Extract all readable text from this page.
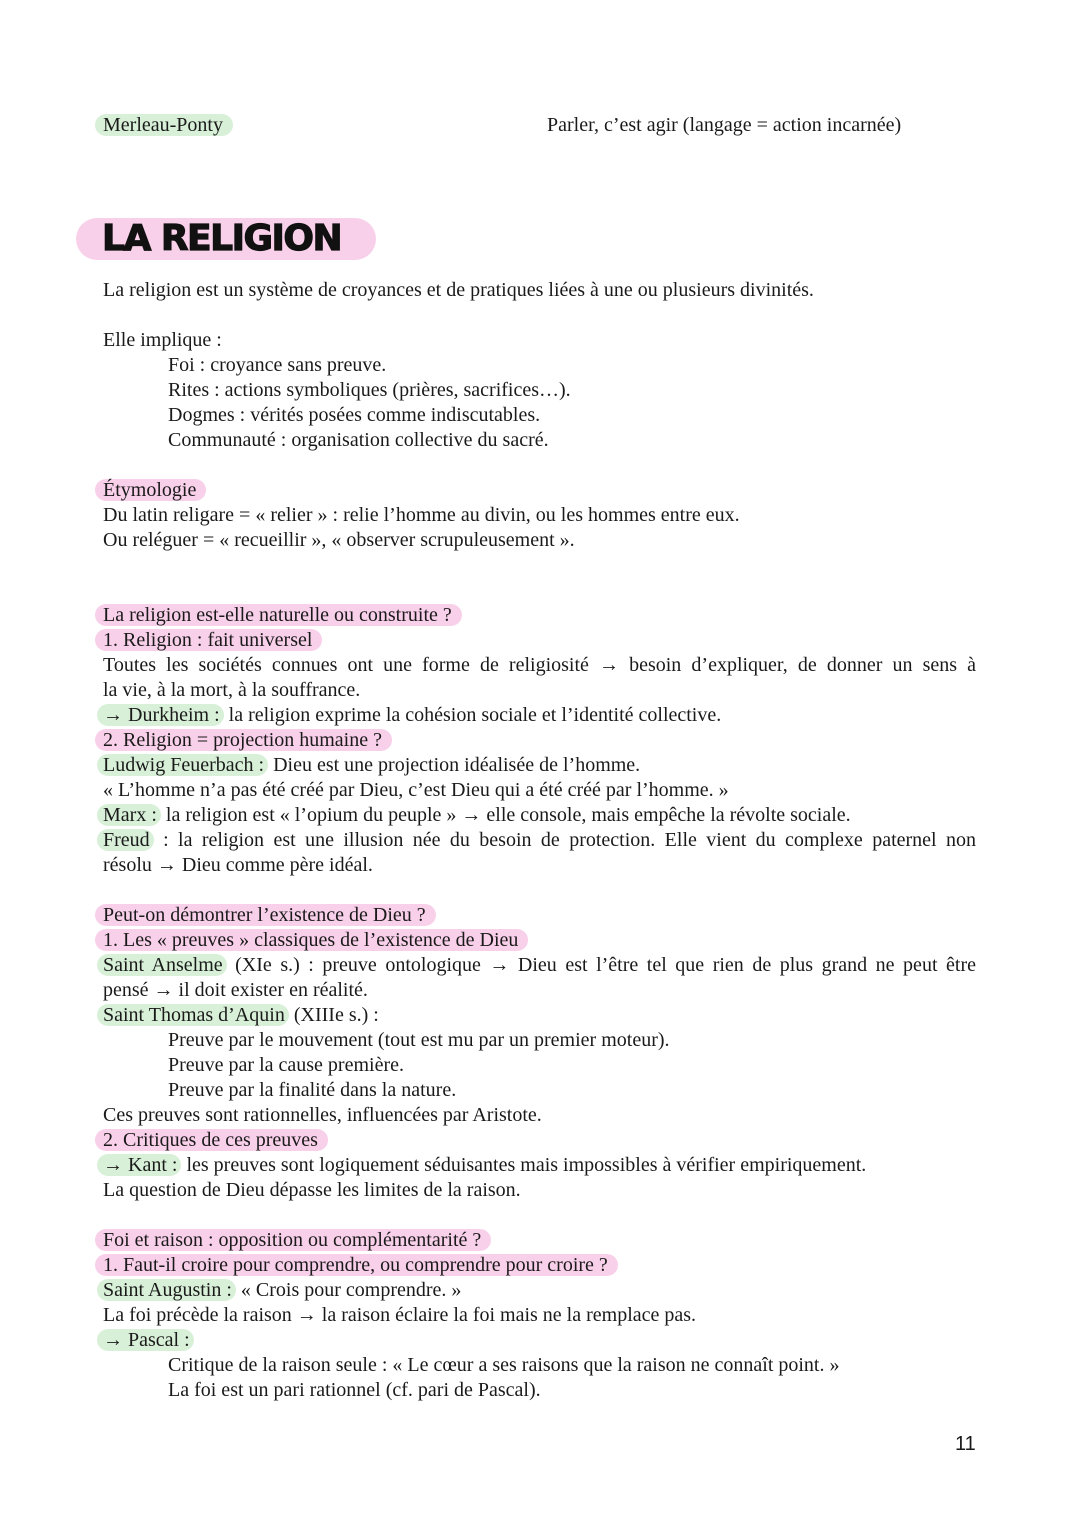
Merleau-Ponty	Parler, c’est agir (langage = action incarnée)
LA RELIGION
La religion est un système de croyances et de pratiques liées à une ou plusieurs divinités.
Elle implique :
Foi : croyance sans preuve.
Rites : actions symboliques (prières, sacrifices…).
Dogmes : vérités posées comme indiscutables.
Communauté : organisation collective du sacré.
Étymologie
Du latin religare = « relier » : relie l’homme au divin, ou les hommes entre eux.
Ou reléguer = « recueillir », « observer scrupuleusement ».
La religion est-elle naturelle ou construite ?
1. Religion : fait universel
Toutes les sociétés connues ont une forme de religiosité → besoin d’expliquer, de donner un sens à
la vie, à la mort, à la souffrance.
→ Durkheim : la religion exprime la cohésion sociale et l’identité collective.
2. Religion = projection humaine ?
Ludwig Feuerbach : Dieu est une projection idéalisée de l’homme.
« L’homme n’a pas été créé par Dieu, c’est Dieu qui a été créé par l’homme. »
Marx : la religion est « l’opium du peuple » → elle console, mais empêche la révolte sociale.
Freud : la religion est une illusion née du besoin de protection. Elle vient du complexe paternel non
résolu → Dieu comme père idéal.
Peut-on démontrer l’existence de Dieu ?
1. Les « preuves » classiques de l’existence de Dieu
Saint Anselme (XIe s.) : preuve ontologique → Dieu est l’être tel que rien de plus grand ne peut être
pensé → il doit exister en réalité.
Saint Thomas d’Aquin (XIIIe s.) :
Preuve par le mouvement (tout est mu par un premier moteur).
Preuve par la cause première.
Preuve par la finalité dans la nature.
Ces preuves sont rationnelles, influencées par Aristote.
2. Critiques de ces preuves
→ Kant : les preuves sont logiquement séduisantes mais impossibles à vérifier empiriquement.
La question de Dieu dépasse les limites de la raison.
Foi et raison : opposition ou complémentarité ?
1. Faut-il croire pour comprendre, ou comprendre pour croire ?
Saint Augustin : « Crois pour comprendre. »
La foi précède la raison → la raison éclaire la foi mais ne la remplace pas.
→ Pascal :
Critique de la raison seule : « Le cœur a ses raisons que la raison ne connaît point. »
La foi est un pari rationnel (cf. pari de Pascal).
11
